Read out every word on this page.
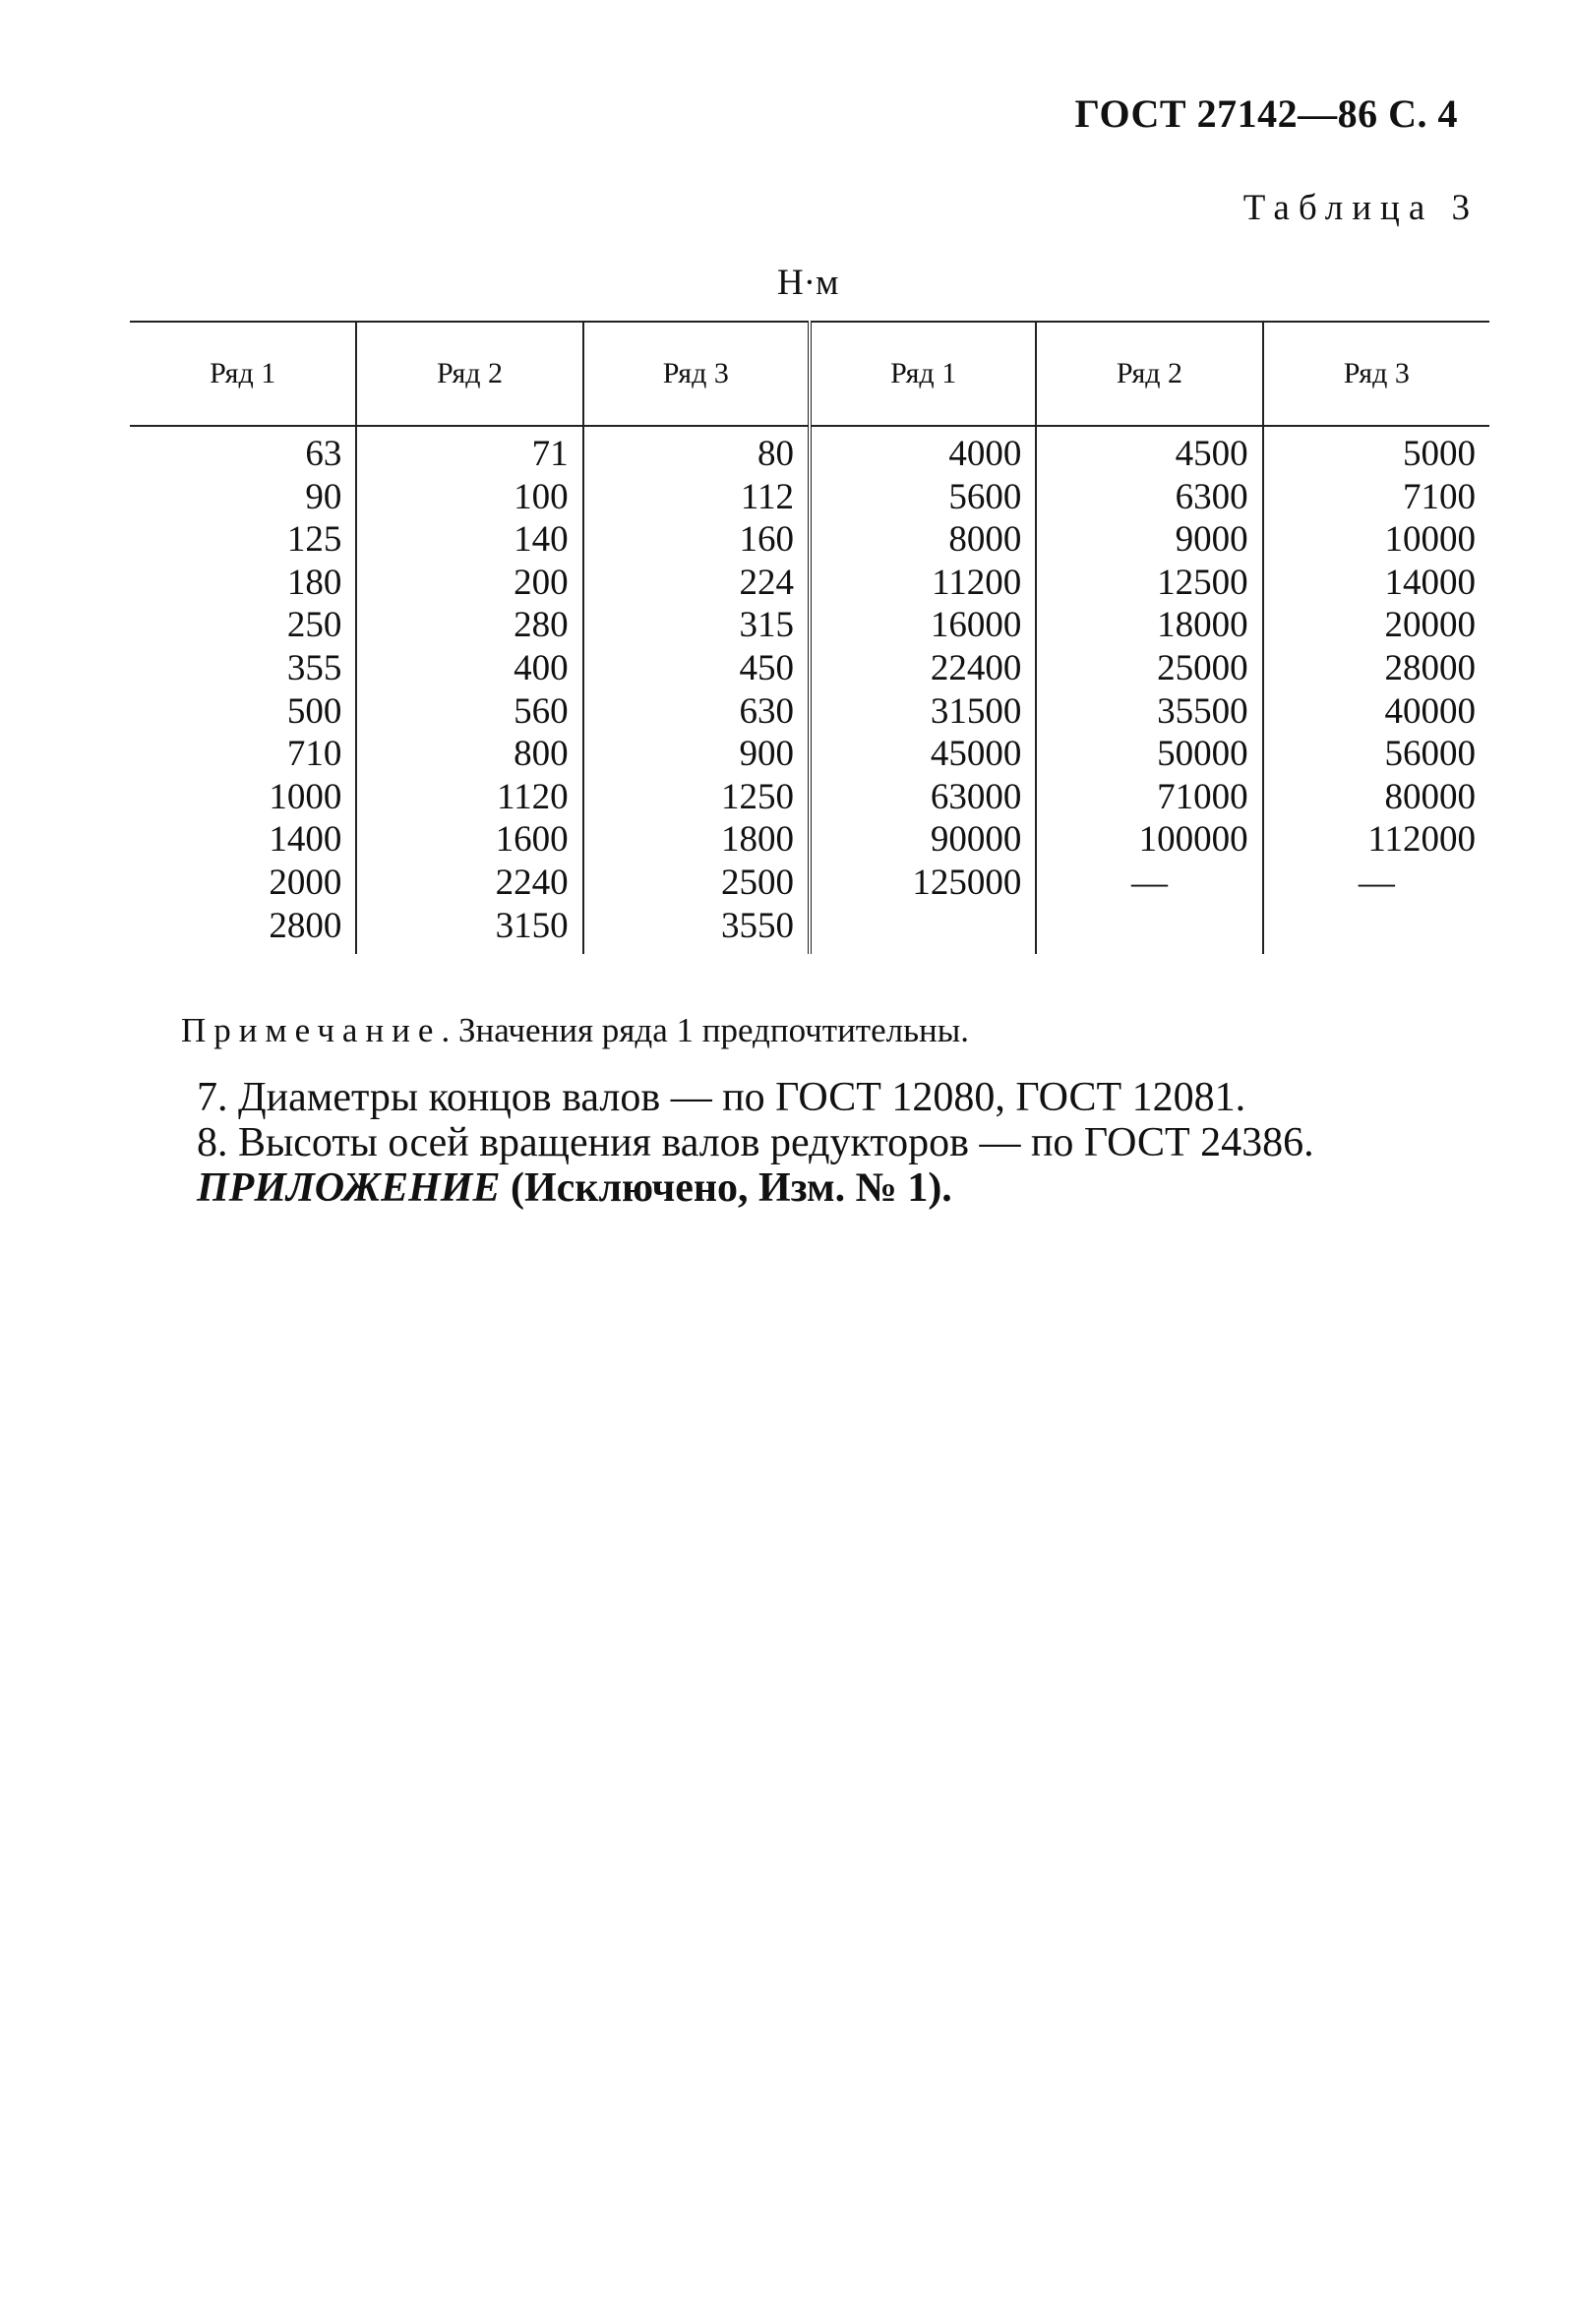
ГОСТ 27142—86 С. 4
Таблица 3
Н·м
Ряд 1	Ряд 2	Ряд 3	Ряд 1	Ряд 2	Ряд 3
63	71	80	4000	4500	5000
90	100	112	5600	6300	7100
125	140	160	8000	9000	10000
180	200	224	11200	12500	14000
250	280	315	16000	18000	20000
355	400	450	22400	25000	28000
500	560	630	31500	35500	40000
710	800	900	45000	50000	56000
1000	1120	1250	63000	71000	80000
1400	1600	1800	90000	100000	112000
2000	2240	2500	125000	—	—
2800	3150	3550			
Примечание. Значения ряда 1 предпочтительны.
7. Диаметры концов валов — по ГОСТ 12080, ГОСТ 12081.
8. Высоты осей вращения валов редукторов — по ГОСТ 24386.
ПРИЛОЖЕНИЕ (Исключено, Изм. № 1).
